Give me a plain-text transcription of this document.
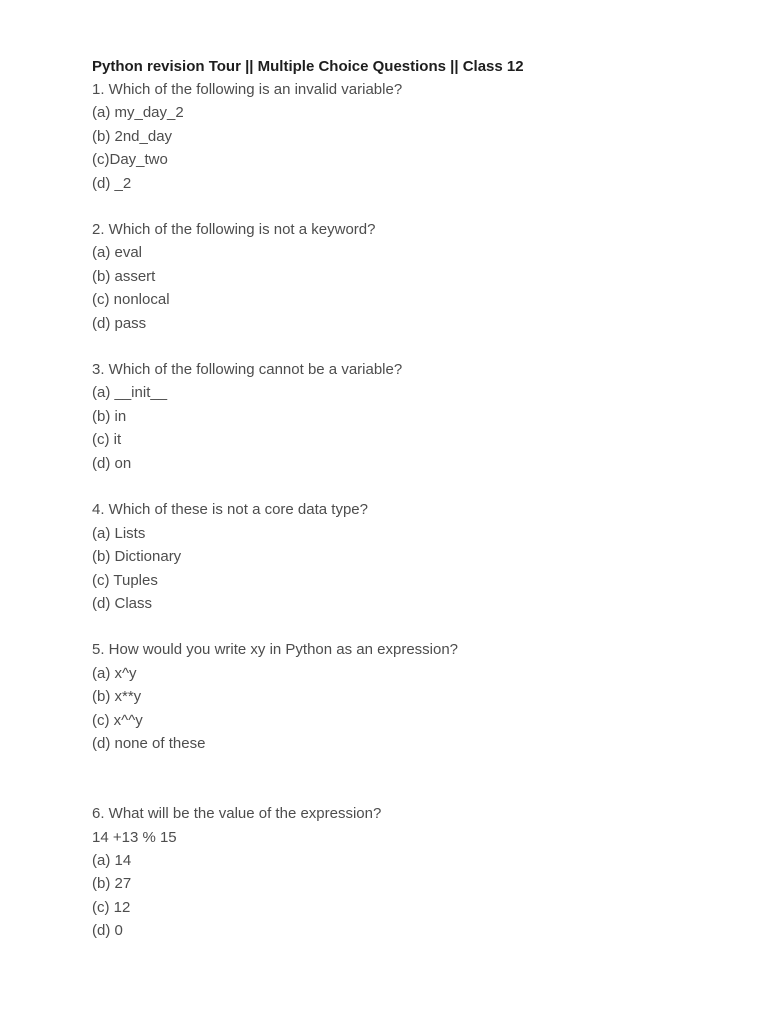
Python revision Tour || Multiple Choice Questions || Class 12
1. Which of the following is an invalid variable?
(a) my_day_2
(b) 2nd_day
(c)Day_two
(d) _2
2. Which of the following is not a keyword?
(a) eval
(b) assert
(c) nonlocal
(d) pass
3. Which of the following cannot be a variable?
(a) __init__
(b) in
(c) it
(d) on
4. Which of these is not a core data type?
(a) Lists
(b) Dictionary
(c) Tuples
(d) Class
5. How would you write xy in Python as an expression?
(a) x^y
(b) x**y
(c) x^^y
(d) none of these
6. What will be the value of the expression?
14 +13 % 15
(a) 14
(b) 27
(c) 12
(d) 0
